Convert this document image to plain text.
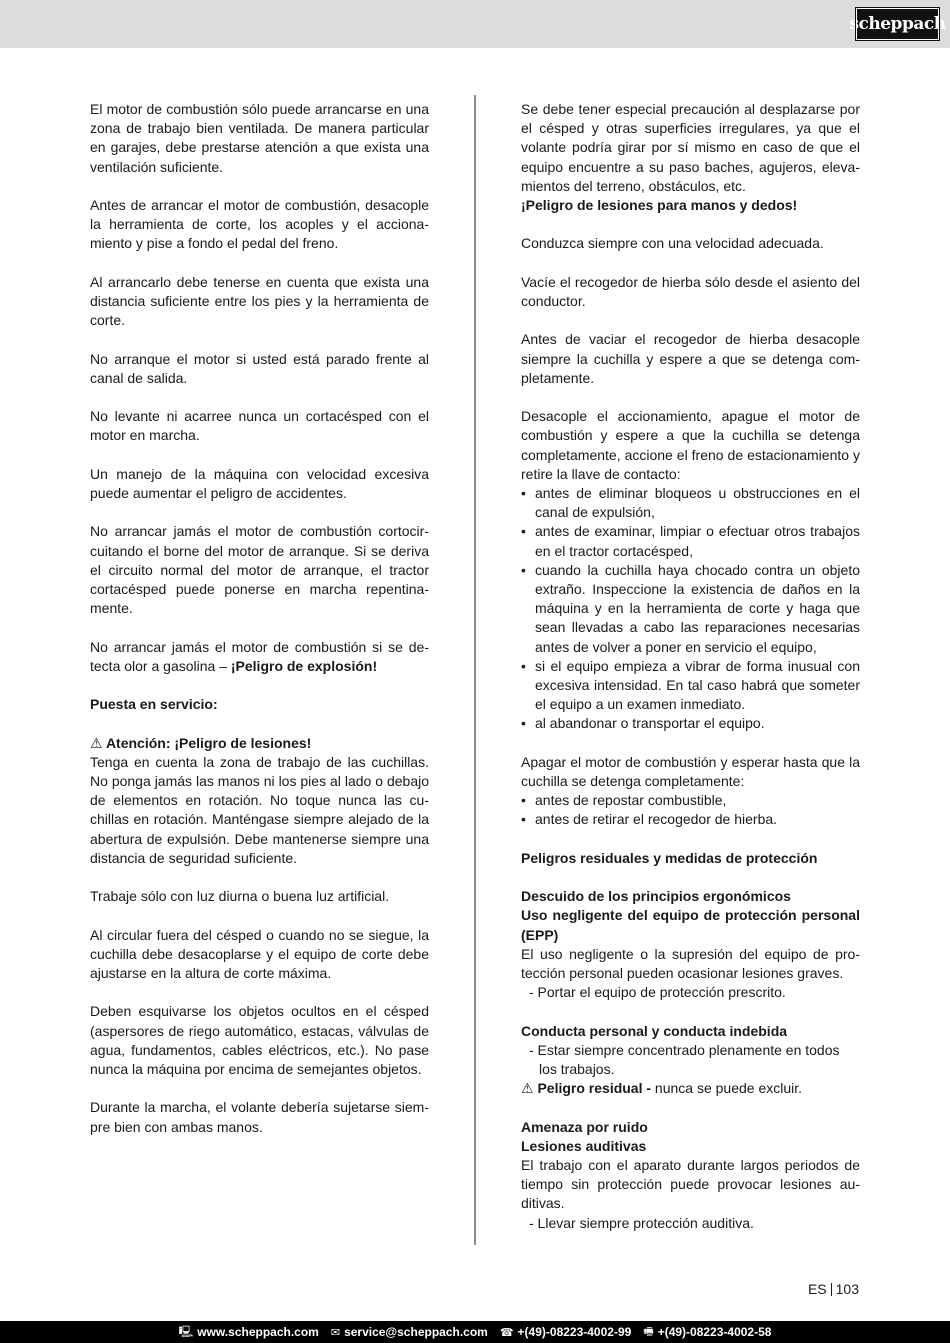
scheppach

El motor de combustión sólo puede arrancarse en una zona de trabajo bien ventilada. De manera particular en garajes, debe prestarse atención a que exista una ventilación suficiente.

Antes de arrancar el motor de combustión, desacople la herramienta de corte, los acoples y el accionamiento y pise a fondo el pedal del freno.

Al arrancarlo debe tenerse en cuenta que exista una distancia suficiente entre los pies y la herramienta de corte.

No arranque el motor si usted está parado frente al canal de salida.

No levante ni acarree nunca un cortacésped con el motor en marcha.

Un manejo de la máquina con velocidad excesiva puede aumentar el peligro de accidentes.

No arrancar jamás el motor de combustión cortocircuitando el borne del motor de arranque. Si se deriva el circuito normal del motor de arranque, el tractor cortacésped puede ponerse en marcha repentinamente.

No arrancar jamás el motor de combustión si se detecta olor a gasolina – ¡Peligro de explosión!

Puesta en servicio:

⚠ Atención: ¡Peligro de lesiones!

Tenga en cuenta la zona de trabajo de las cuchillas. No ponga jamás las manos ni los pies al lado o debajo de elementos en rotación. No toque nunca las cuchillas en rotación. Manténgase siempre alejado de la abertura de expulsión. Debe mantenerse siempre una distancia de seguridad suficiente.

Trabaje sólo con luz diurna o buena luz artificial.

Al circular fuera del césped o cuando no se siegue, la cuchilla debe desacoplarse y el equipo de corte debe ajustarse en la altura de corte máxima.

Deben esquivarse los objetos ocultos en el césped (aspersores de riego automático, estacas, válvulas de agua, fundamentos, cables eléctricos, etc.). No pase nunca la máquina por encima de semejantes objetos.

Durante la marcha, el volante debería sujetarse siempre bien con ambas manos.

Se debe tener especial precaución al desplazarse por el césped y otras superficies irregulares, ya que el volante podría girar por sí mismo en caso de que el equipo encuentre a su paso baches, agujeros, elevamientos del terreno, obstáculos, etc.

¡Peligro de lesiones para manos y dedos!

Conduzca siempre con una velocidad adecuada.

Vacíe el recogedor de hierba sólo desde el asiento del conductor.

Antes de vaciar el recogedor de hierba desacople siempre la cuchilla y espere a que se detenga completamente.

Desacople el accionamiento, apague el motor de combustión y espere a que la cuchilla se detenga completamente, accione el freno de estacionamiento y retire la llave de contacto:

• antes de eliminar bloqueos u obstrucciones en el canal de expulsión,
• antes de examinar, limpiar o efectuar otros trabajos en el tractor cortacésped,
• cuando la cuchilla haya chocado contra un objeto extraño. Inspeccione la existencia de daños en la máquina y en la herramienta de corte y haga que sean llevadas a cabo las reparaciones necesarias antes de volver a poner en servicio el equipo,
• si el equipo empieza a vibrar de forma inusual con excesiva intensidad. En tal caso habrá que someter el equipo a un examen inmediato.
• al abandonar o transportar el equipo.

Apagar el motor de combustión y esperar hasta que la cuchilla se detenga completamente:

• antes de repostar combustible,
• antes de retirar el recogedor de hierba.

Peligros residuales y medidas de protección

Descuido de los principios ergonómicos

Uso negligente del equipo de protección personal (EPP)

El uso negligente o la supresión del equipo de protección personal pueden ocasionar lesiones graves.

- Portar el equipo de protección prescrito.

Conducta personal y conducta indebida

- Estar siempre concentrado plenamente en todos los trabajos.

⚠ Peligro residual - nunca se puede excluir.

Amenaza por ruido

Lesiones auditivas

El trabajo con el aparato durante largos periodos de tiempo sin protección puede provocar lesiones auditivas.

- Llevar siempre protección auditiva.

ES 103
🖳 www.scheppach.com ✉ service@scheppach.com ☎ +(49)-08223-4002-99 🖷 +(49)-08223-4002-58
